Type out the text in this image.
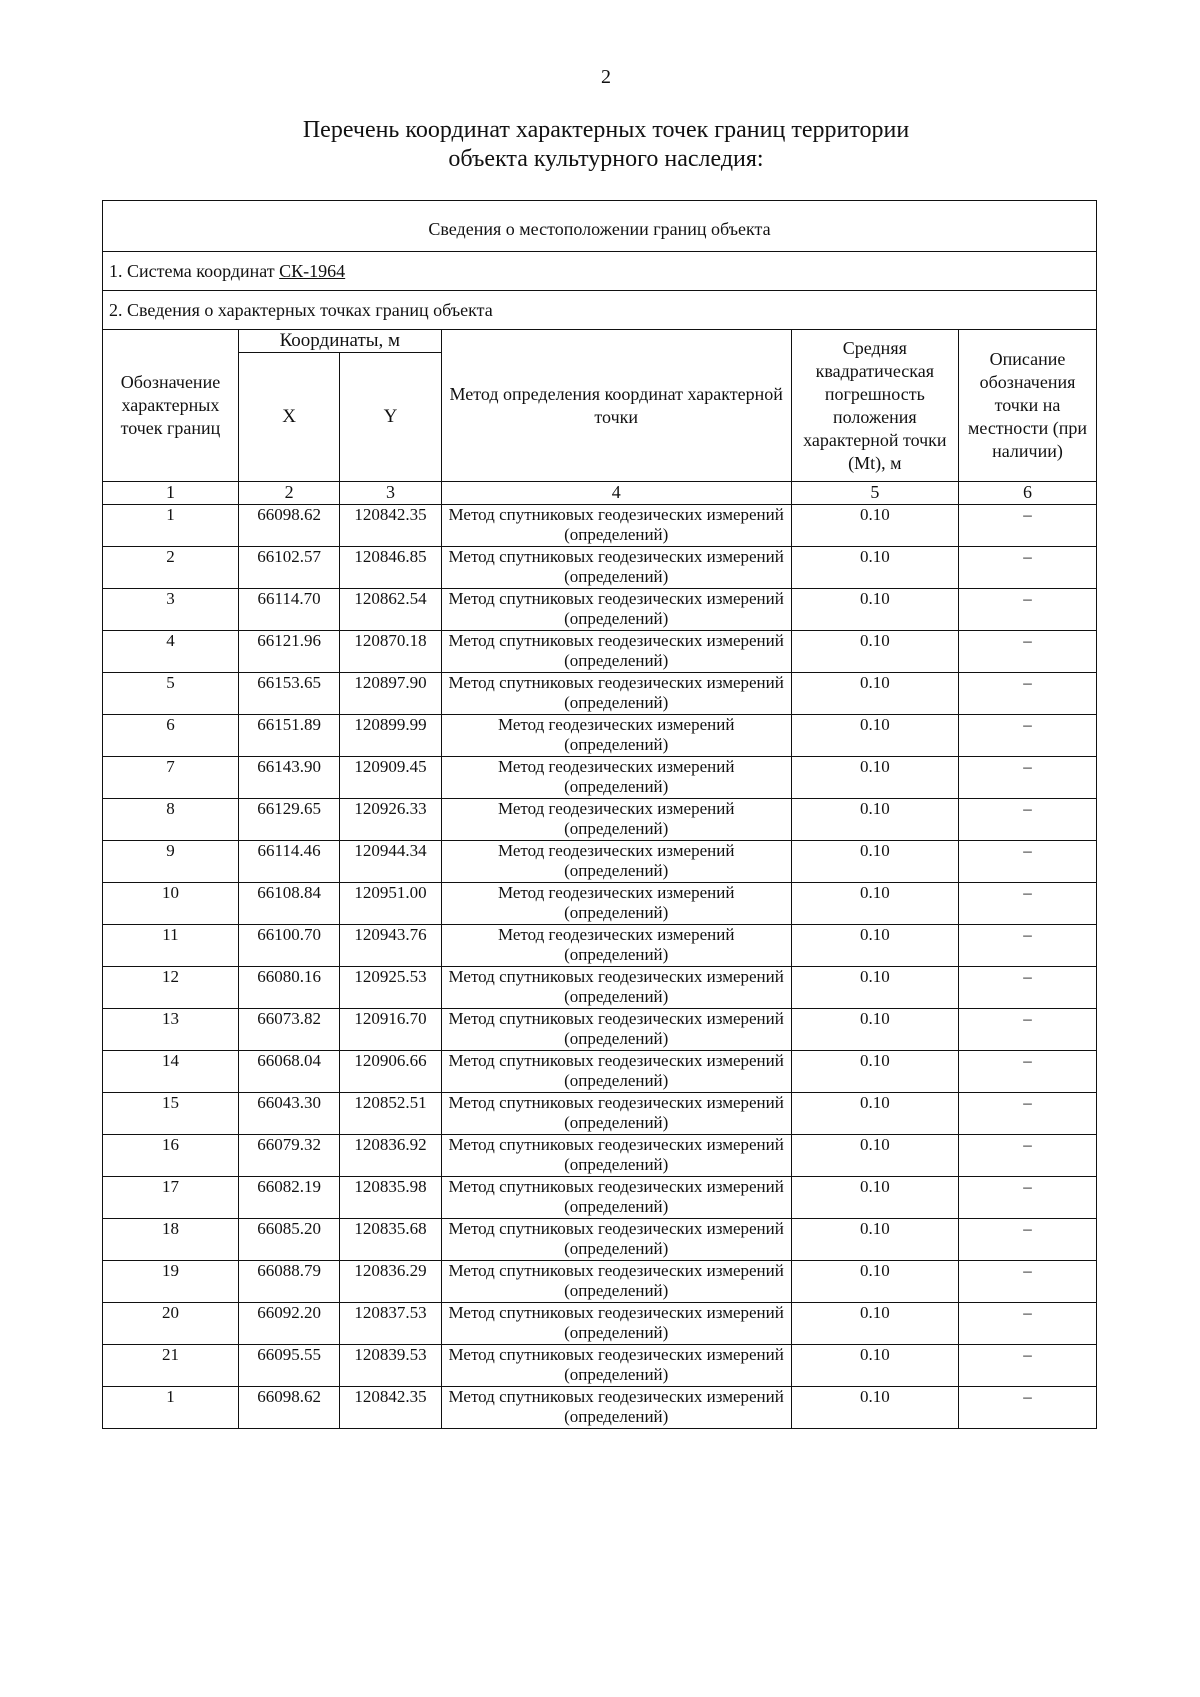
2
Перечень координат характерных точек границ территории
объекта культурного наследия:
Сведения о местоположении границ объекта					
1. Система координат СК-1964					
2. Сведения о характерных точках границ объекта					
Обозначение характерных точек границ	Координаты, м		Метод определения координат характерной точки	Средняя квадратическая погрешность положения характерной точки (Mt), м	Описание обозначения точки на местности (при наличии)
	X	Y			
1	2	3	4	5	6
1	66098.62	120842.35	Метод спутниковых геодезических измерений (определений)	0.10	–
2	66102.57	120846.85	Метод спутниковых геодезических измерений (определений)	0.10	–
3	66114.70	120862.54	Метод спутниковых геодезических измерений (определений)	0.10	–
4	66121.96	120870.18	Метод спутниковых геодезических измерений (определений)	0.10	–
5	66153.65	120897.90	Метод спутниковых геодезических измерений (определений)	0.10	–
6	66151.89	120899.99	Метод геодезических измерений (определений)	0.10	–
7	66143.90	120909.45	Метод геодезических измерений (определений)	0.10	–
8	66129.65	120926.33	Метод геодезических измерений (определений)	0.10	–
9	66114.46	120944.34	Метод геодезических измерений (определений)	0.10	–
10	66108.84	120951.00	Метод геодезических измерений (определений)	0.10	–
11	66100.70	120943.76	Метод геодезических измерений (определений)	0.10	–
12	66080.16	120925.53	Метод спутниковых геодезических измерений (определений)	0.10	–
13	66073.82	120916.70	Метод спутниковых геодезических измерений (определений)	0.10	–
14	66068.04	120906.66	Метод спутниковых геодезических измерений (определений)	0.10	–
15	66043.30	120852.51	Метод спутниковых геодезических измерений (определений)	0.10	–
16	66079.32	120836.92	Метод спутниковых геодезических измерений (определений)	0.10	–
17	66082.19	120835.98	Метод спутниковых геодезических измерений (определений)	0.10	–
18	66085.20	120835.68	Метод спутниковых геодезических измерений (определений)	0.10	–
19	66088.79	120836.29	Метод спутниковых геодезических измерений (определений)	0.10	–
20	66092.20	120837.53	Метод спутниковых геодезических измерений (определений)	0.10	–
21	66095.55	120839.53	Метод спутниковых геодезических измерений (определений)	0.10	–
1	66098.62	120842.35	Метод спутниковых геодезических измерений (определений)	0.10	–
